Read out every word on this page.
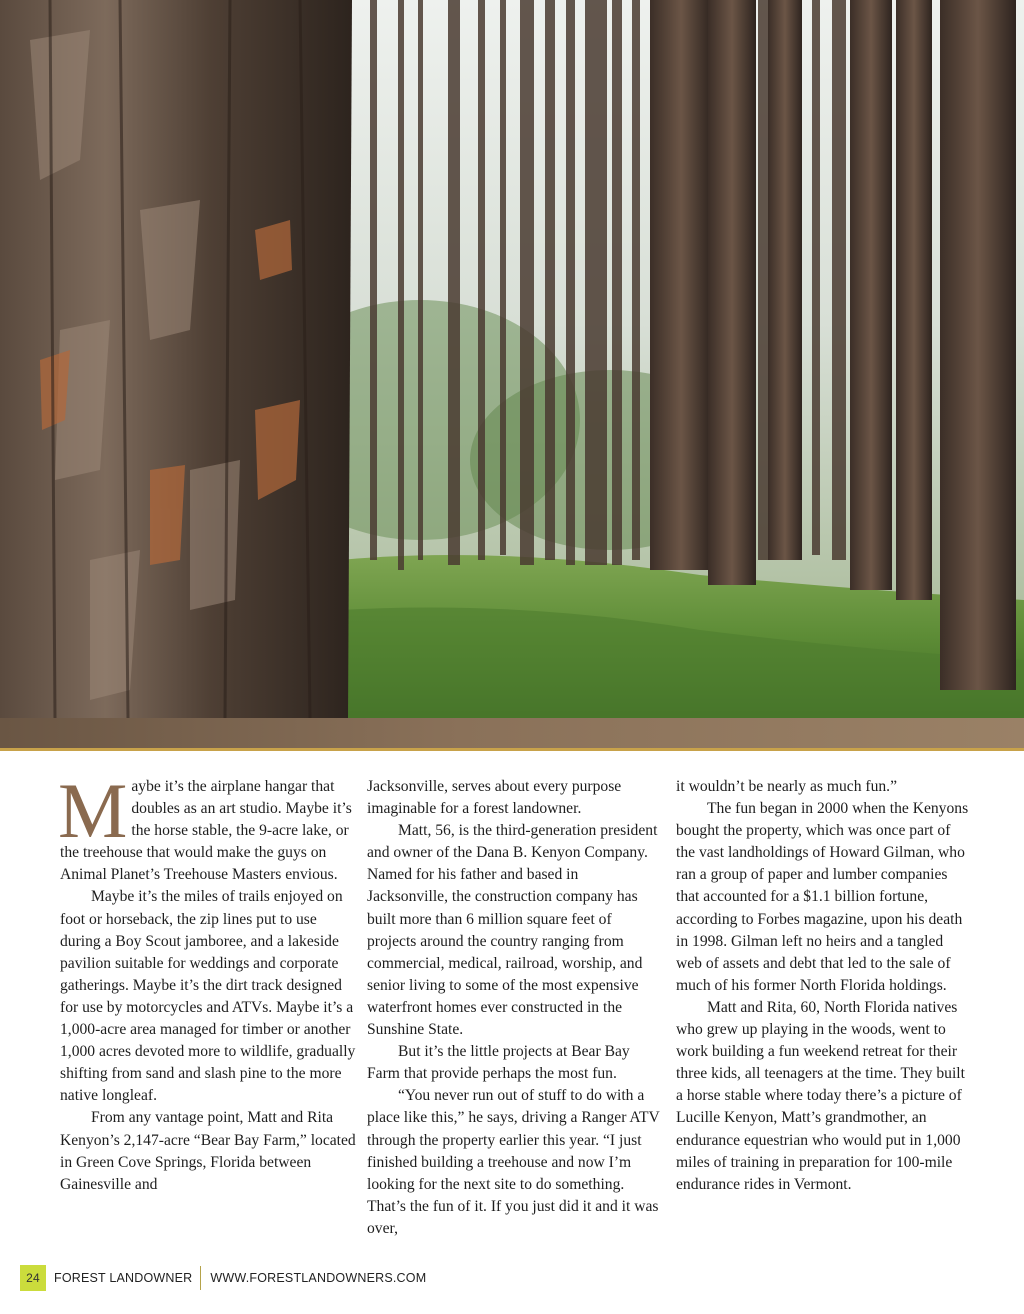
Maybe it’s the airplane hangar that doubles as an art studio. Maybe it’s the horse stable, the 9-acre lake, or the treehouse that would make the guys on Animal Planet’s Treehouse Masters envious.

Maybe it’s the miles of trails enjoyed on foot or horseback, the zip lines put to use during a Boy Scout jamboree, and a lakeside pavilion suitable for weddings and corporate gatherings. Maybe it’s the dirt track designed for use by motorcycles and ATVs. Maybe it’s a 1,000-acre area managed for timber or another 1,000 acres devoted more to wildlife, gradually shifting from sand and slash pine to the more native longleaf.

From any vantage point, Matt and Rita Kenyon’s 2,147-acre “Bear Bay Farm,” located in Green Cove Springs, Florida between Gainesville and

Jacksonville, serves about every purpose imaginable for a forest landowner.

Matt, 56, is the third-generation president and owner of the Dana B. Kenyon Company. Named for his father and based in Jacksonville, the construction company has built more than 6 million square feet of projects around the country ranging from commercial, medical, railroad, worship, and senior living to some of the most expensive waterfront homes ever constructed in the Sunshine State.

But it’s the little projects at Bear Bay Farm that provide perhaps the most fun.

“You never run out of stuff to do with a place like this,” he says, driving a Ranger ATV through the property earlier this year. “I just finished building a treehouse and now I’m looking for the next site to do something. That’s the fun of it. If you just did it and it was over,

it wouldn’t be nearly as much fun.”

The fun began in 2000 when the Kenyons bought the property, which was once part of the vast landholdings of Howard Gilman, who ran a group of paper and lumber companies that accounted for a $1.1 billion fortune, according to Forbes magazine, upon his death in 1998. Gilman left no heirs and a tangled web of assets and debt that led to the sale of much of his former North Florida holdings.

Matt and Rita, 60, North Florida natives who grew up playing in the woods, went to work building a fun weekend retreat for their three kids, all teenagers at the time. They built a horse stable where today there’s a picture of Lucille Kenyon, Matt’s grandmother, an endurance equestrian who would put in 1,000 miles of training in preparation for 100-mile endurance rides in Vermont.

24	FOREST LANDOWNER WWW.FORESTLANDOWNERS.COM
